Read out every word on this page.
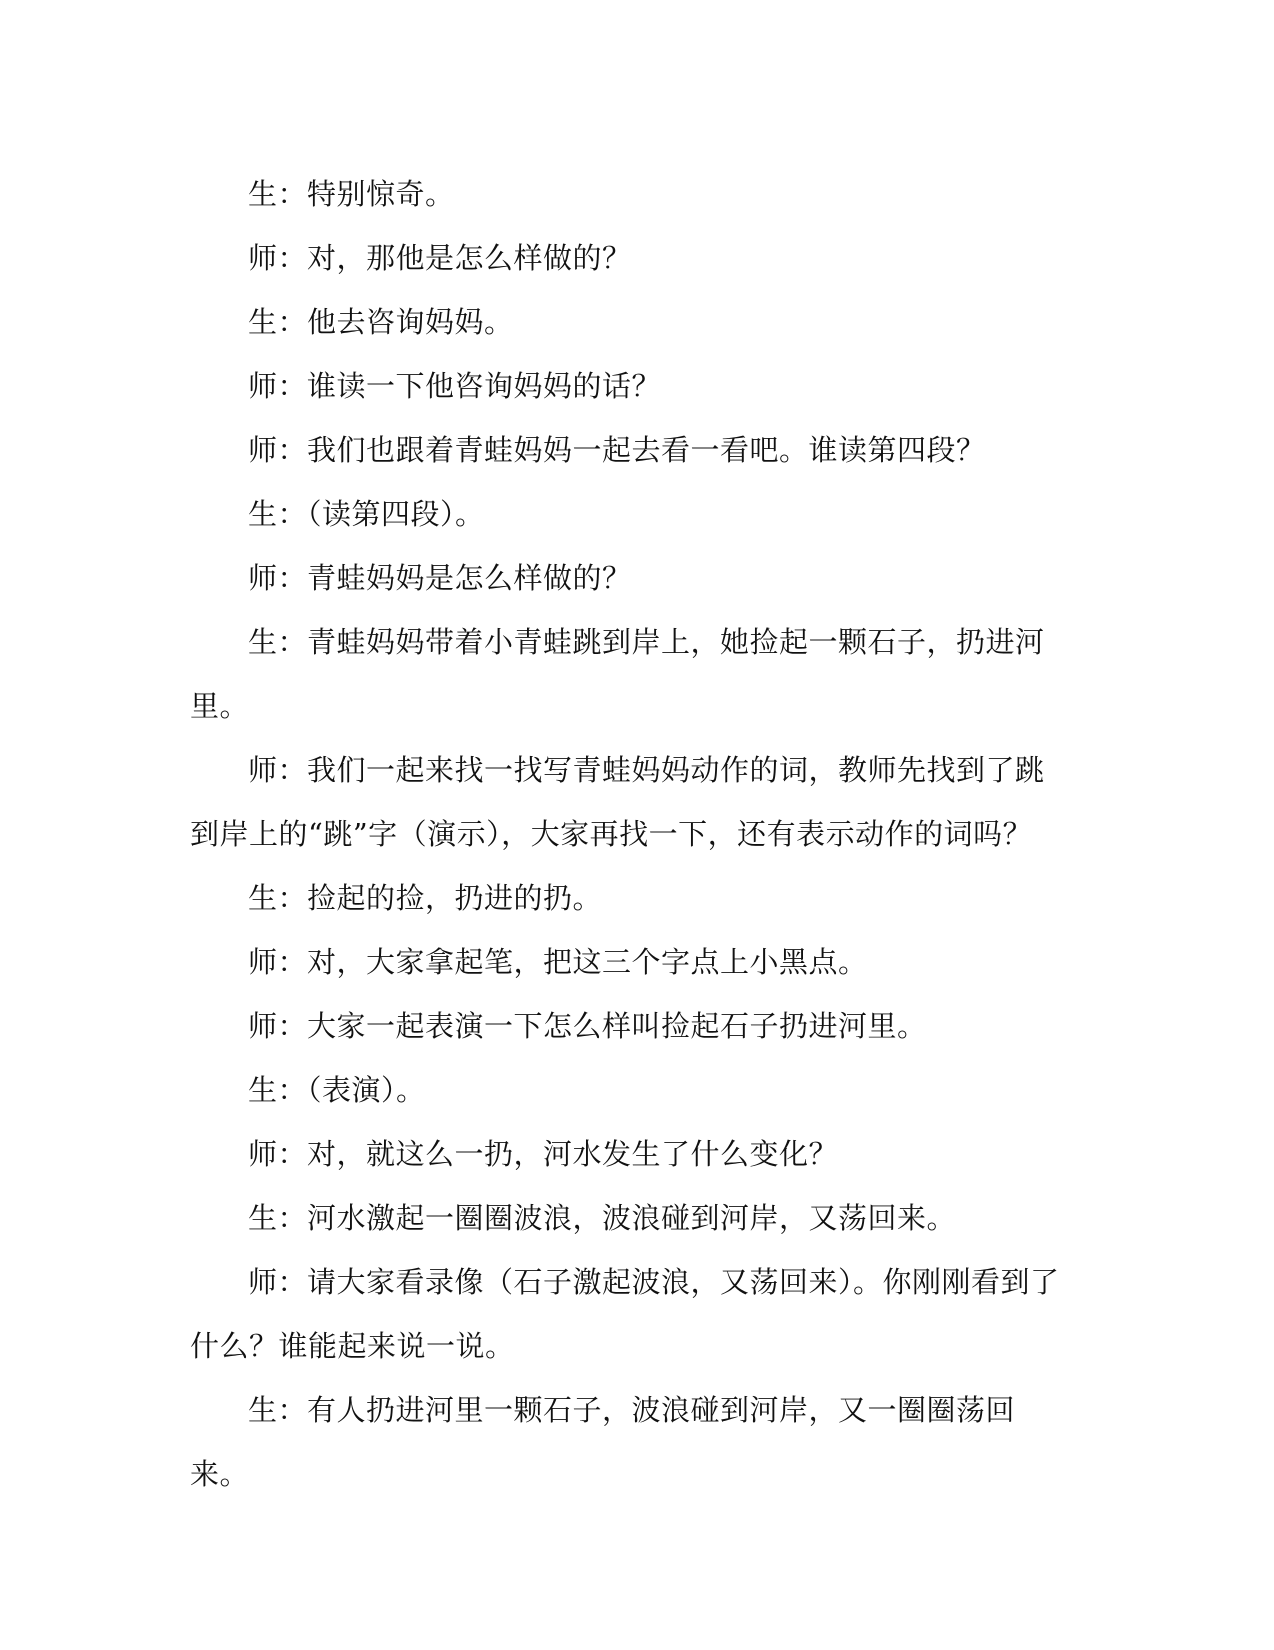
生：特别惊奇。

师：对，那他是怎么样做的？

生：他去咨询妈妈。

师：谁读一下他咨询妈妈的话？

师：我们也跟着青蛙妈妈一起去看一看吧。谁读第四段？

生：（读第四段）。

师：青蛙妈妈是怎么样做的？

生：青蛙妈妈带着小青蛙跳到岸上，她捡起一颗石子，扔进河里。

师：我们一起来找一找写青蛙妈妈动作的词，教师先找到了跳到岸上的“跳”字（演示），大家再找一下，还有表示动作的词吗？

生：捡起的捡，扔进的扔。

师：对，大家拿起笔，把这三个字点上小黑点。

师：大家一起表演一下怎么样叫捡起石子扔进河里。

生：（表演）。

师：对，就这么一扔，河水发生了什么变化？

生：河水激起一圈圈波浪，波浪碰到河岸，又荡回来。

师：请大家看录像（石子激起波浪，又荡回来）。你刚刚看到了什么？谁能起来说一说。

生：有人扔进河里一颗石子，波浪碰到河岸，又一圈圈荡回来。
